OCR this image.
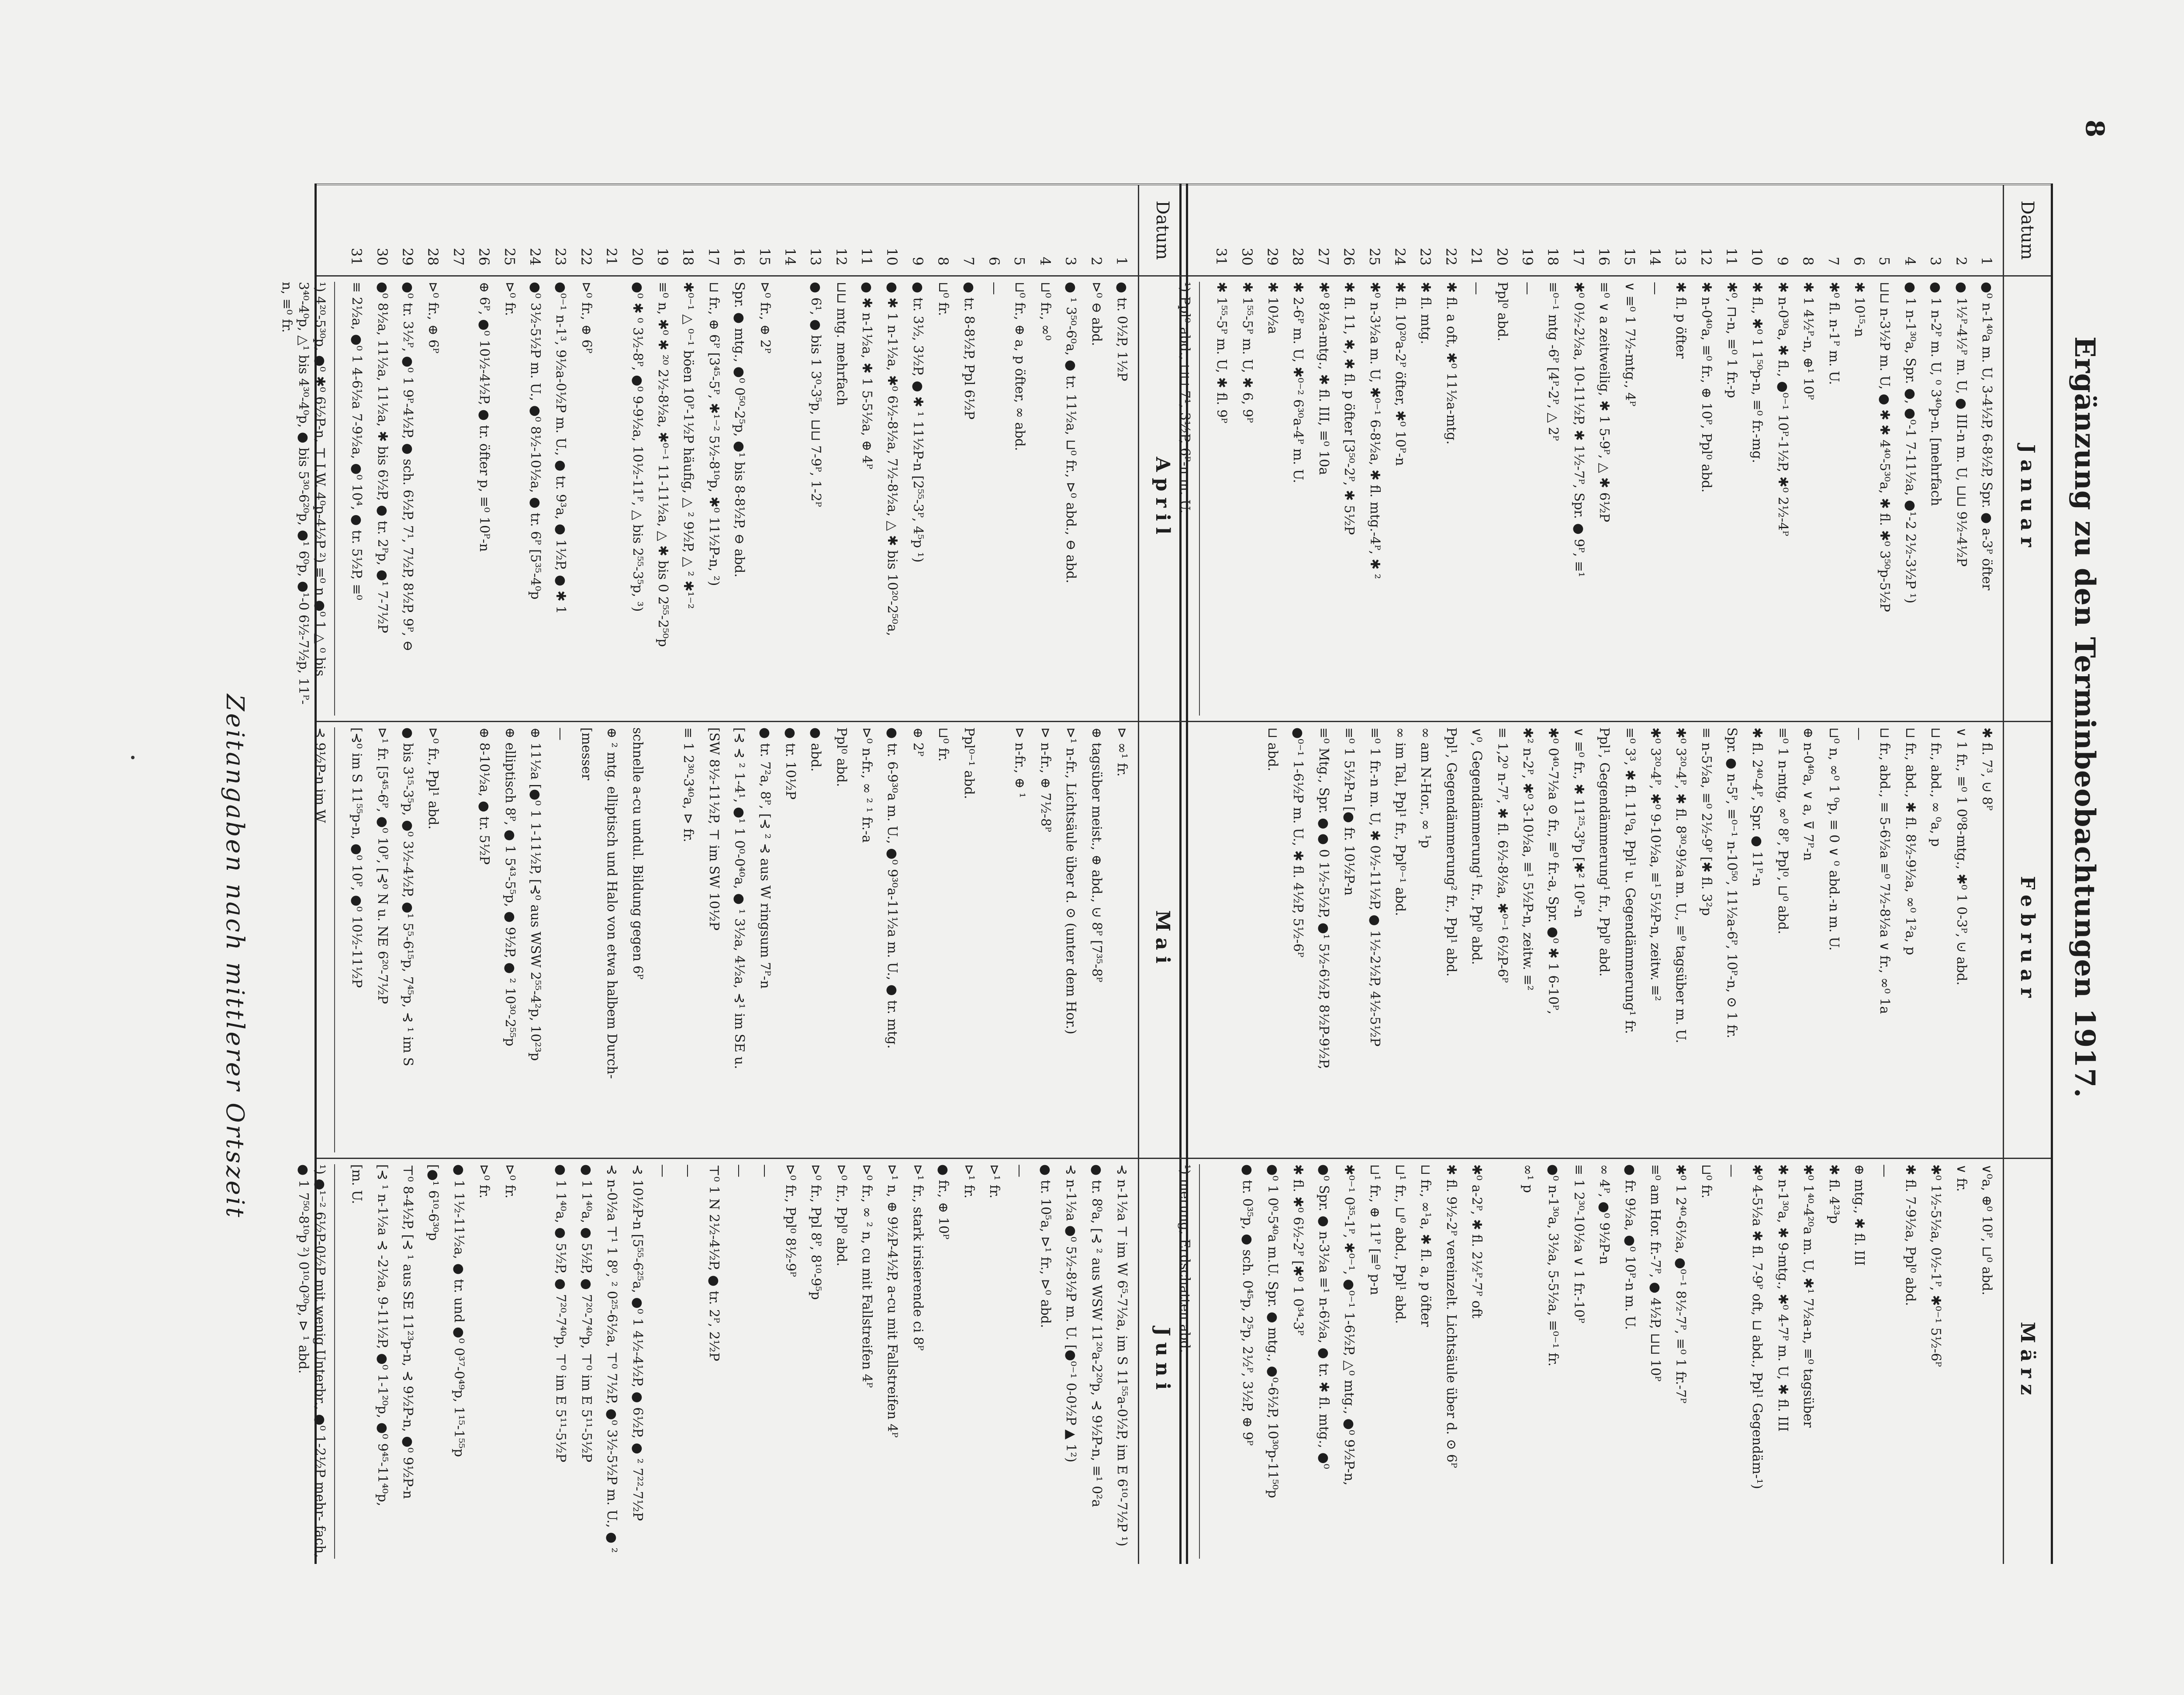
8
Ergänzung zu den Terminbeobachtungen 1917.
Datum
1
2
3
4
5
6
7
8
9
10
11
12
13
14
15
16
17
18
19
20
21
22
23
24
25
26
27
28
29
30
31
Januar
●⁰ n-1⁴⁰a m. U, 3-4½P, 6-8½P, Spr. ● a-3ᴾ öfter
● 1½ᴾ-4½ᴾ m. U, ● III-n m. U, ⊔⊔ 9½-4½P
● 1 n-2ᴾ m. U, ⁰ 3⁴⁰p-n. [mehrfach
● 1 n-1³⁰a, Spr. ●, ●⁰-1 7-11½a, ●¹-2 2½-3½P ¹)
⊔⊔ n-3½P m. U, ● ✱ ✱ 4⁴⁰-5³⁰a, ✱ fl. ✱⁰ 3⁵⁰p-5½P
✱ 10¹⁵-n
✱⁰ fl. n-1ᴾ m. U.
✱ 1 4½ᴾ-n, ⊕¹ 10ᴾ
✱ n-0³⁰a, ✱ fl., ●⁰⁻¹ 10ᴾ-1½P, ✱⁰ 2½-4ᴾ
✱ fl., ✱⁰ 1 1⁵⁰p-n, ≡⁰ fr.-mg.
✱⁰, ⊓-n, ≡⁰ 1 fr.-p
✱ n-0⁴⁰a, ≡⁰ fr., ⊕ 10ᴾ, Ppl⁰ abd.
✱ fl. p öfter
—
∨ ≡⁰ 1 7½-mtg., 4ᴾ
≡⁰ ∨ a zeitweilig, ✱ 1 5-9ᴾ, △ ✱ 6½P
✱⁰ 0½-2½a, 10-11½P, ✱ 1½-7ᴾ, Spr. ● 9ᴾ, ≡¹
≡⁰⁻¹ mtg -6ᴾ [4ᴾ-2ᴾ, △ 2ᴾ
—
Ppl⁰ abd.
—
✱ fl. a oft, ✱⁰ 11½a-mtg.
✱ fl. mtg.
✱ fl. 10²⁰a-2ᴾ öfter, ✱⁰ 10ᴾ-n
✱⁰ n-3½a m. U, ✱⁰⁻¹ 6-8½a, ✱ fl. mtg.-4ᴾ, ✱ ²
✱ fl. 11, ✱, ✱ fl. p öfter [3⁵⁰-2ᴾ, ✱ 5½P
✱⁰ 8½a-mtg., ✱ fl. III, ≡⁰ 10a
✱ 2-6ᴾ m. U, ✱⁰⁻² 6³⁰a-4ᴾ m. U.
✱ 10½a
✱ 1⁵⁵-5ᴾ m. U, ✱ 6, 9ᴾ
✱ 1⁵⁵-5ᴾ m. U, ✱ fl. 9ᴾ
¹) Ppl⁰ abd., ⊔⊔ 7¹, 3½P, 6ᴾ-n m. U.
Februar
✱ fl. 7³, ⊍ 8ᴾ
∨ 1 fr., ≡⁰ 1 0⁰8-mtg., ✱⁰ 1 0-3ᴾ, ⊍ abd.
⊔ fr., abd., ∞ ⁰a, p
⊔ fr., abd., ✱ fl. 8½-9½a, ∞⁰ 1²a, p
⊔ fr., abd., ≡ 5-6½a ≡⁰ 7½-8½a ∨ fr., ∞⁰ 1a
—
⊔⁰ n, ∞⁰ 1 ⁰p, ≡ 0 ∨ ⁰ abd.-n m. U.
⊕ n-0⁴⁰a, ∨ a, ⊽ 7ᴾ-n
≡⁰ 1 n-mtg, ∞⁰ 8ᴾ, Ppl⁰, ⊔⁰ abd.
✱ fl. 2⁴⁰-4ᴾ, Spr. ● 11ᴾ-n
Spr. ● n-5ᴾ, ≡⁰⁻¹ n-10⁵⁰, 11½a-6ᴾ, 10ᴾ-n, ⊙ 1 fr.
≡ n-5½a, ≡⁰ 2½-9ᴾ [✱ fl. 3²p
✱⁰ 3²⁰-4ᴾ, ✱ fl. 8³⁰-9½a m. U., ≡⁰ tagsüber m. U.
✱⁰ 3²⁰-4ᴾ, ✱⁰ 9-10½a, ≡¹ 5½P-n, zeitw. ≡²
≡⁰ 3³, ✱ fl. 11⁰a, Ppl¹ u. Gegendämmerung¹ fr.
Ppl¹, Gegendämmerung¹ fr., Ppl⁰ abd.
∨ ≡⁰ fr., ✱ 11²⁵-3ᴾp [✱² 10ᴾ-n
✱⁰ 0⁴⁰-7½a ⊙ fr., ≡⁰ fr.-a, Spr. ●⁰ ✱ 1 6-10ᴾ,
✱² n-2ᴾ, ✱⁰ 3-10½a, ≡¹ 5½P-n, zeitw. ≡²
≡ 1,2⁰ n-7ᴾ, ✱ fl. 6½-8½a, ✱⁰⁻¹ 6½P-6ᴾ
∨⁰, Gegendämmerung¹ fr., Ppl⁰ abd.
Ppl¹, Gegendämmerung² fr., Ppl¹ abd.
∞ am N-Hor., ∞ ¹p
∞ im Tal, Ppl¹ fr., Ppl⁰⁻¹ abd.
≡⁰ 1 fr.-n m. U, ✱ 0½-11½P, ● 1½-2½P, 4½-5½P
≡⁰ 1 5½P-n [● fr. 10½P-n
≡⁰ Mtg., Spr. ● ● 0 1½-5½P, ●¹ 5½-6½P, 8½P-9½P,
●⁰⁻¹ 1-6½P m. U., ✱ fl. 4½P, 5½-6ᴾ
⊔ abd.
März
∨⁰a, ⊕⁰ 10ᴾ, ⊔⁰ abd.
∨ fr.
✱⁰ 1½-5½a, 0½-1ᴾ, ✱⁰⁻¹ 5½-6ᴾ
✱ fl. 7-9½a, Ppl⁰ abd.
—
⊕ mtg., ✱ fl. III
✱ fl. 4²³p
✱⁰ 1⁴⁰-4²⁰a m. U, ✱¹ 7½a-n, ≡⁰ tagsüber
✱ n-1³⁰a, ✱ 9-mtg., ✱⁰ 4-7ᴾ m. U, ✱ fl. III
✱⁰ 4-5½a ✱ fl. 7-9ᴾ oft, ⊔ abd., Ppl¹ Gegendäm-¹)
—
⊔⁰ fr.
✱⁰ 1 2⁴⁰-6½a, ●⁰⁻¹ 8½-7ᴾ, ≡⁰ 1 fr.-7ᴾ
≡⁰ am Hor. fr.-7ᴾ, ● 4½P, ⊔⊔ 10ᴾ
● fr. 9½a, ●⁰ 10ᴾ-n m. U.
∞ 4ᴾ, ●⁰ 9½P-n
≡ 1 2³⁰-10½a ∨ 1 fr.-10ᴾ
●⁰ n-1³⁰a, 3½a, 5-5½a, ≡⁰⁻¹ fr.
∞¹ p
✱⁰ a-2ᴾ, ✱ fl. 2½ᴾ-7ᴾ oft
✱ fl. 9½-2ᴾ vereinzelt. Lichtsäule über d. ⊙ 6ᴾ
⊔ fr., ∞¹a, ✱ fl. a, p öfter
⊔¹ fr., ⊔⁰ abd., Ppl¹ abd.
⊔¹ fr., ⊕ 11ᴾ [≡⁰ p-n
✱⁰⁻¹ 0³⁵-1ᴾ, ✱⁰⁻¹, ●⁰⁻¹ 1-6½P, △⁰ mtg., ●⁰ 9½P-n,
●⁰ Spr. ● n-3½a ≡¹ n-6½a, ● tr. ✱ fl. mtg., ●⁰
✱ fl. ✱⁰ 6½-2ᴾ [✱⁰ 1 0³⁴-3ᴾ
●⁰ 1 0⁰-5⁴⁰a m.U. Spr. ● mtg., ●⁰-6½P, 10³⁰p-11⁵⁰p
● tr. 0³⁵p, ● sch. 0⁴⁵p, 2⁵p, 2½ᴾ, 3½P, ⊕ 9ᴾ
¹) merung, Erdschatten abd.
Datum
1
2
3
4
5
6
7
8
9
10
11
12
13
14
15
16
17
18
19
20
21
22
23
24
25
26
27
28
29
30
31
April
● tr. 0½P, 1½P
⊳⁰ ⊖ abd.
● ¹ 3⁵⁰-6⁰a, ● tr. 11½a, ⊔⁰ fr., ⊳⁰ abd., ⊖ abd.
⊔⁰ fr., ∞⁰
⊔⁰ fr., ⊕ a, p öfter, ∞ abd.
—
● tr. 8-8½P, Ppl 6½P
⊔⁰ fr.
● tr. 3½, 3½P, ● ✱ ¹ 11½P-n [2⁵⁵-3ᴾ, 4⁵p ¹)
● ✱ 1 n-1½a, ✱⁰ 6½-8½a, 7½-8½a, △ ✱ bis 10²⁰-2⁵⁰a,
● ✱ n-1½a, ✱ 1 5-5½a, ⊕ 4ᴾ
⊔⊔ mtg. mehrfach
● 6¹, ● bis 1 3⁰-3⁵p, ⊔⊔ 7-9ᴾ, 1-2ᴾ
⊳⁰ fr., ⊕ 2ᴾ
Spr. ● mtg., ●⁰ 0⁵⁰-2⁵p, ●¹ bis 8-8½P, ⊖ abd.
⊔ fr., ⊕ 6ᴾ [3⁴⁵-5ᴾ, ✱¹⁻² 5½-8¹⁰p, ✱⁰ 11½P-n, ²)
✱⁰⁻¹ △ ⁰⁻¹ böen 10ᴾ-1½P häufig, △ ² 9½P, △ ² ✱¹⁻²
≡⁰ n, ✱⁰ ✱ ²⁰ 2½-8½a, ✱⁰⁻¹ 11-11½a, △ ✱ bis 0 2⁵⁵-2⁵⁰p
●⁰ ✱ ⁰ 3½-8ᴾ, ●⁰ 9-9½a, 10½-11ᴾ, △ bis 2⁵⁵-3⁵p, ³)
⊳⁰ fr., ⊕ 6ᴾ
●⁰⁻¹ n-1³, 9½a-0½P m. U., ● tr. 9³a, ● 1½P, ● ✱ 1
●⁰ 3½-5½P m. U., ●⁰ 8½-10½a, ● tr. 6ᴾ [5³⁵-4⁰p
⊳⁰ fr.
⊕ 6ᴾ, ●⁰ 10½-4½P, ● tr. öfter p, ≡⁰ 10ᴾ-n
⊳⁰ fr., ⊕ 6ᴾ
●⁰ tr. 3½ᴾ, ●⁰ 1 9ᴾ-4½P, ● sch. 6½P, 7¹, 7½P, 8½P, 9ᴾ, ⊖
●⁰ 8½a, 11½a, 11½a, ✱ bis 6½P, ● tr. 2ᴾp, ●¹ 7-7½P
≡ 2½a, ●⁰ 1 4-6½a 7-9½a, ●⁰ 10⁴, ● tr. 5½P, ≡⁰
¹) 4²⁰-5³⁰p, ●⁰ ✱⁰ 6½P-n, ⊤ I.W. 4⁰p-4½P ²) ≡⁰ n ●⁰ 1 △ ⁰ bis 3⁴⁰-4⁰p, △¹ bis 4³⁰-4⁰p, ● bis 5³⁰-6²⁰p, ●¹ 6⁰p, ●¹-0 6½-7½p, 11ᴾ-n, ≡⁰ fr.
Mai
⊳ ∞¹ fr.
⊕ tagsüber meist., ⊕ abd., ⊍ 8ᴾ [7³⁵-8ᴾ
⊳¹ n-fr., Lichtsäule über d. ⊙ (unter dem Hor.)
⊳ n-fr., ⊕ 7½-8ᴾ
⊳ n-fr., ⊕ ¹
Ppl⁰⁻¹ abd.
⊔⁰ fr.
⊕ 2ᴾ
● tr. 6-9³⁰a m. U., ●⁰ 9³⁰a-11½a m. U., ● tr. mtg.
⊳⁰ n-fr., ∞ ² ¹ fr.-a
Ppl⁰ abd.
● abd.
● tr. 10½P
● tr. 7²a, 8ᴾ, [⊰ ² ⊰ aus W ringsum 7ᴾ-n
[⊰ ⊰ ² 1-4¹, ●¹ 1 0⁰-0⁴⁰a, ● ¹ 3½a, 4½a, ⊰¹ im SE u.
[SW 8½-11½P, ⊤ im SW 10½P
≡ 1 2³⁰-3⁴⁰a, ⊳ fr.
schnelle a-cu undul. Bildung gegen 6ᴾ
⊕ ² mtg. elliptisch und Halo von etwa halbem Durch-
[messer
—
⊕ 11½a [●⁰ 1 1-11½P, [⊰⁰ aus WSW 2⁵⁵-4²p, 10²³p
⊕ elliptisch 8ᴾ, ● 1 5⁴³-5⁵p, ● 9½P, ● ² 10³⁰-2⁵⁵p
⊕ 8-10½a, ● tr. 5½P
⊳⁰ fr., Ppl¹ abd.
● bis 3¹⁵-3⁵p, ●⁰ 3½-4½P, ●¹ 5⁵-6¹⁵p, 7⁴⁵p, ⊰ ¹ im S
⊳¹ fr. [5⁴⁵-6ᴾ, ●⁰ 10ᴾ, [⊰⁰ N u. NE 6²⁰-7½P
[⊰⁰ im S 11⁵⁵p-n, ●⁰ 10ᴾ, ●⁰ 10½-11½P
⊰ 9½P-n im W
Juni
⊰ n-1½a ⊤ im W 6⁵-7½a, im S 11⁵⁵a-0½P, im E 6¹⁰-7½P ¹)
● tr. 8⁰a, [⊰ ² aus WSW 11²⁰a-2²⁰p, ⊰ 9½P-n, ≡¹ 0²a
⊰ n-1½a ●⁰ 5½-8½P m. U. [●⁰⁻¹ 0-0½P ▲ 1²)
● tr. 10⁵a, ⊳¹ fr., ⊳⁰ abd.
—
⊳¹ fr.
⊳¹ fr.
● fr., ⊕ 10ᴾ
⊳¹ fr., stark irisierende ci 8ᴾ
⊳¹ n, ⊕ 9½P-4½P, a-cu mit Fallstreifen 4ᴾ
⊳⁰ fr., ∞ ² n, cu mit Fallstreifen 4ᴾ
⊳⁰ fr., Ppl⁰ abd.
⊳⁰ fr., Ppl 8ᴾ, 8¹⁰-9⁵p
⊳⁰ fr., Ppl⁰ 8½-9ᴾ
—
—
⊤⁰ 1 N 2½-4½P, ● tr. 2ᴾ, 2½P
—
—
⊰ 10½P-n [5⁵⁵-6²⁵a, ●⁰ 1 4½-4½P, ● 6½P, ● ² 7²²-7½P
⊰ n-0½a ⊤¹ 1 8⁰, ² 0²⁵-6½a, ⊤⁰ 7½P, ●⁰ 3½-5½P m. U., ● ²
● 1 1⁴⁰a, ● 5½P, ● 7²⁰-7⁴⁰p, ⊤⁰ im E 5¹¹-5½P
● 1 1⁴⁰a, ● 5½P, ● 7²⁰-7⁴⁰p, ⊤⁰ im E 5¹¹-5½P
⊳⁰ fr.
⊳⁰ fr.
● 1 1½-11½a, ● tr. und ●⁰ 0³⁷-0⁴⁹p, 1¹⁵-1⁵⁵p
[●¹ 6¹⁰-6³⁰p
⊤⁰ 8-4½P, [⊰ ¹ aus SE 11²³p-n, ⊰ 9½P-n, ●⁰ 9½P-n
[⊰ ¹ n-1½a ⊰ -2½a, 9-11½P, ●⁰ 1-1²⁰p, ●⁰ 9⁴⁵-11⁴⁰p,
[m. U.
¹) ●¹⁻² 6½P-0½P mit wenig Unterbr., ●⁰ 1-2½P mehr- fach, ● 1 7⁵⁰-8¹⁰p ²) 0¹⁰-0²⁰p, ⊳ ¹ abd.
Zeitangaben nach mittlerer Ortszeit
